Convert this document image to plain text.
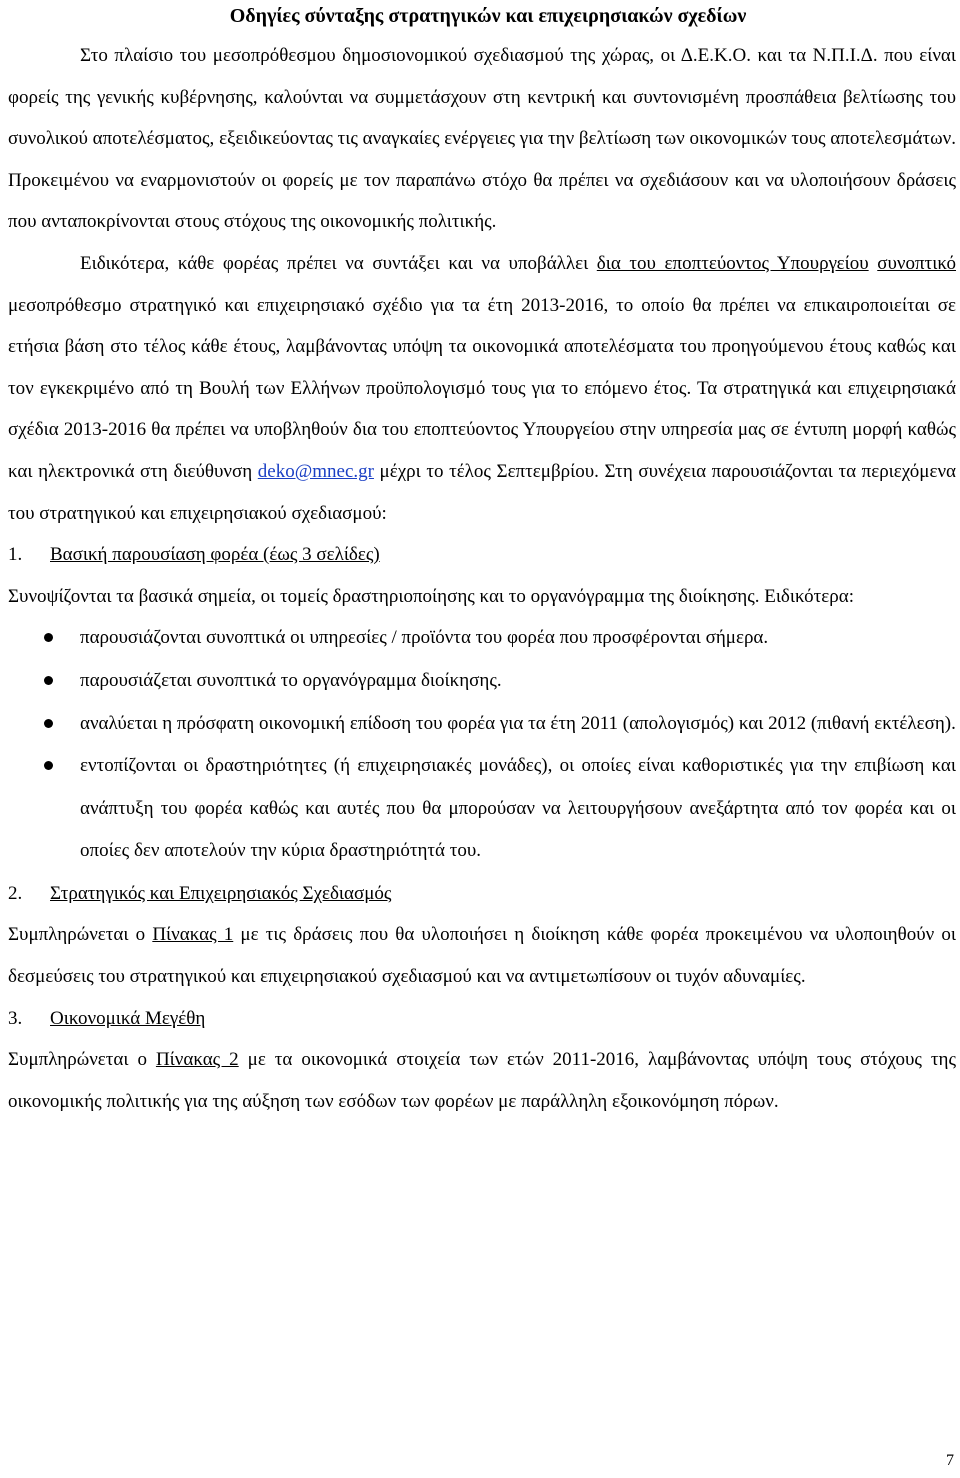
Οδηγίες σύνταξης στρατηγικών και επιχειρησιακών σχεδίων

Στο πλαίσιο του μεσοπρόθεσμου δημοσιονομικού σχεδιασμού της χώρας, οι Δ.Ε.Κ.Ο. και τα Ν.Π.Ι.Δ. που είναι φορείς της γενικής κυβέρνησης, καλούνται να συμμετάσχουν στη κεντρική και συντονισμένη προσπάθεια βελτίωσης του συνολικού αποτελέσματος, εξειδικεύοντας τις αναγκαίες ενέργειες για την βελτίωση των οικονομικών τους αποτελεσμάτων. Προκειμένου να εναρμονιστούν οι φορείς με τον παραπάνω στόχο θα πρέπει να σχεδιάσουν και να υλοποιήσουν δράσεις που ανταποκρίνονται στους στόχους της οικονομικής πολιτικής.

Ειδικότερα, κάθε φορέας πρέπει να συντάξει και να υποβάλλει δια του εποπτεύοντος Υπουργείου συνοπτικό μεσοπρόθεσμο στρατηγικό και επιχειρησιακό σχέδιο για τα έτη 2013-2016, το οποίο θα πρέπει να επικαιροποιείται σε ετήσια βάση στο τέλος κάθε έτους, λαμβάνοντας υπόψη τα οικονομικά αποτελέσματα του προηγούμενου έτους καθώς και τον εγκεκριμένο από τη Βουλή των Ελλήνων προϋπολογισμό τους για το επόμενο έτος. Τα στρατηγικά και επιχειρησιακά σχέδια 2013-2016 θα πρέπει να υποβληθούν δια του εποπτεύοντος Υπουργείου στην υπηρεσία μας σε έντυπη μορφή καθώς και ηλεκτρονικά στη διεύθυνση deko@mnec.gr μέχρι το τέλος Σεπτεμβρίου. Στη συνέχεια παρουσιάζονται τα περιεχόμενα του στρατηγικού και επιχειρησιακού σχεδιασμού:

1. Βασική παρουσίαση φορέα (έως 3 σελίδες)

Συνοψίζονται τα βασικά σημεία, οι τομείς δραστηριοποίησης και το οργανόγραμμα της διοίκησης. Ειδικότερα:

παρουσιάζονται συνοπτικά οι υπηρεσίες / προϊόντα του φορέα που προσφέρονται σήμερα.
παρουσιάζεται συνοπτικά το οργανόγραμμα διοίκησης.
αναλύεται η πρόσφατη οικονομική επίδοση του φορέα για τα έτη 2011 (απολογισμός) και 2012 (πιθανή εκτέλεση).
εντοπίζονται οι δραστηριότητες (ή επιχειρησιακές μονάδες), οι οποίες είναι καθοριστικές για την επιβίωση και ανάπτυξη του φορέα καθώς και αυτές που θα μπορούσαν να λειτουργήσουν ανεξάρτητα από τον φορέα και οι οποίες δεν αποτελούν την κύρια δραστηριότητά του.
2. Στρατηγικός και Επιχειρησιακός Σχεδιασμός

Συμπληρώνεται ο Πίνακας 1 με τις δράσεις που θα υλοποιήσει η διοίκηση κάθε φορέα προκειμένου να υλοποιηθούν οι δεσμεύσεις του στρατηγικού και επιχειρησιακού σχεδιασμού και να αντιμετωπίσουν οι τυχόν αδυναμίες.

3. Οικονομικά Μεγέθη

Συμπληρώνεται ο Πίνακας 2 με τα οικονομικά στοιχεία των ετών 2011-2016, λαμβάνοντας υπόψη τους στόχους της οικονομικής πολιτικής για της αύξηση των εσόδων των φορέων με παράλληλη εξοικονόμηση πόρων.

7
